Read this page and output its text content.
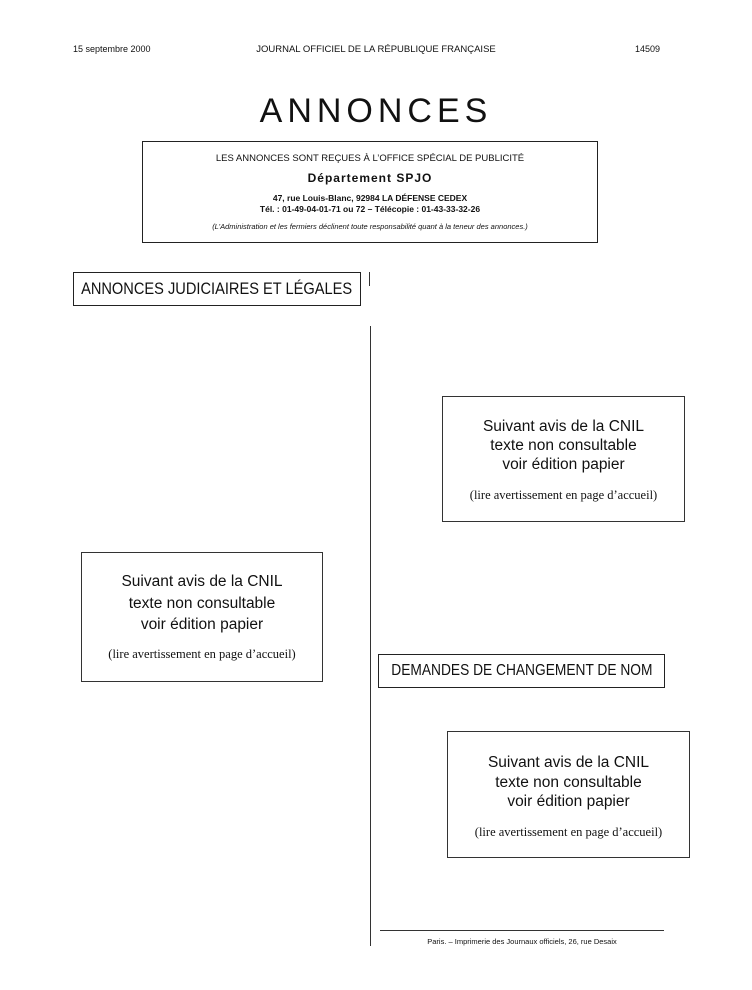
15 septembre 2000	JOURNAL OFFICIEL DE LA RÉPUBLIQUE FRANÇAISE	14509
ANNONCES
LES ANNONCES SONT REÇUES À L’OFFICE SPÉCIAL DE PUBLICITÉ
Département SPJO
47, rue Louis-Blanc, 92984 LA DÉFENSE CEDEX
Tél. : 01-49-04-01-71 ou 72 – Télécopie : 01-43-33-32-26
(L’Administration et les fermiers déclinent toute responsabilité quant à la teneur des annonces.)
ANNONCES JUDICIAIRES ET LÉGALES
Suivant avis de la CNIL
texte non consultable
voir édition papier
(lire avertissement en page d’accueil)
Suivant avis de la CNIL
texte non consultable
voir édition papier
(lire avertissement en page d’accueil)
DEMANDES DE CHANGEMENT DE NOM
Suivant avis de la CNIL
texte non consultable
voir édition papier
(lire avertissement en page d’accueil)
Paris. – Imprimerie des Journaux officiels, 26, rue Desaix
